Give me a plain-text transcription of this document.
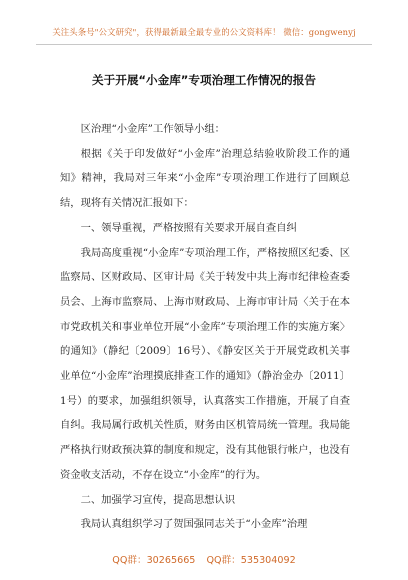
关注头条号"公文研究"，获得最新最全最专业的公文资料库！ 微信：gongwenyj
关于开展“小金库”专项治理工作情况的报告

区治理“小金库”工作领导小组：

根据《关于印发做好“小金库”治理总结验收阶段工作的通知》精神，我局对三年来“小金库”专项治理工作进行了回顾总结，现将有关情况汇报如下：

一、领导重视，严格按照有关要求开展自查自纠

我局高度重视“小金库”专项治理工作，严格按照区纪委、区监察局、区财政局、区审计局《关于转发中共上海市纪律检查委员会、上海市监察局、上海市财政局、上海市审计局〈关于在本市党政机关和事业单位开展“小金库”专项治理工作的实施方案〉的通知》（静纪〔2009〕16号）、《静安区关于开展党政机关事业单位“小金库”治理摸底排查工作的通知》（静治金办〔2011〕1号）的要求，加强组织领导，认真落实工作措施，开展了自查自纠。我局属行政机关性质，财务由区机管局统一管理。我局能严格执行财政预决算的制度和规定，没有其他银行帐户，也没有资金收支活动，不存在设立“小金库”的行为。

二、加强学习宣传，提高思想认识

我局认真组织学习了贺国强同志关于“小金库”治理

QQ群：30265665 QQ群：535304092
